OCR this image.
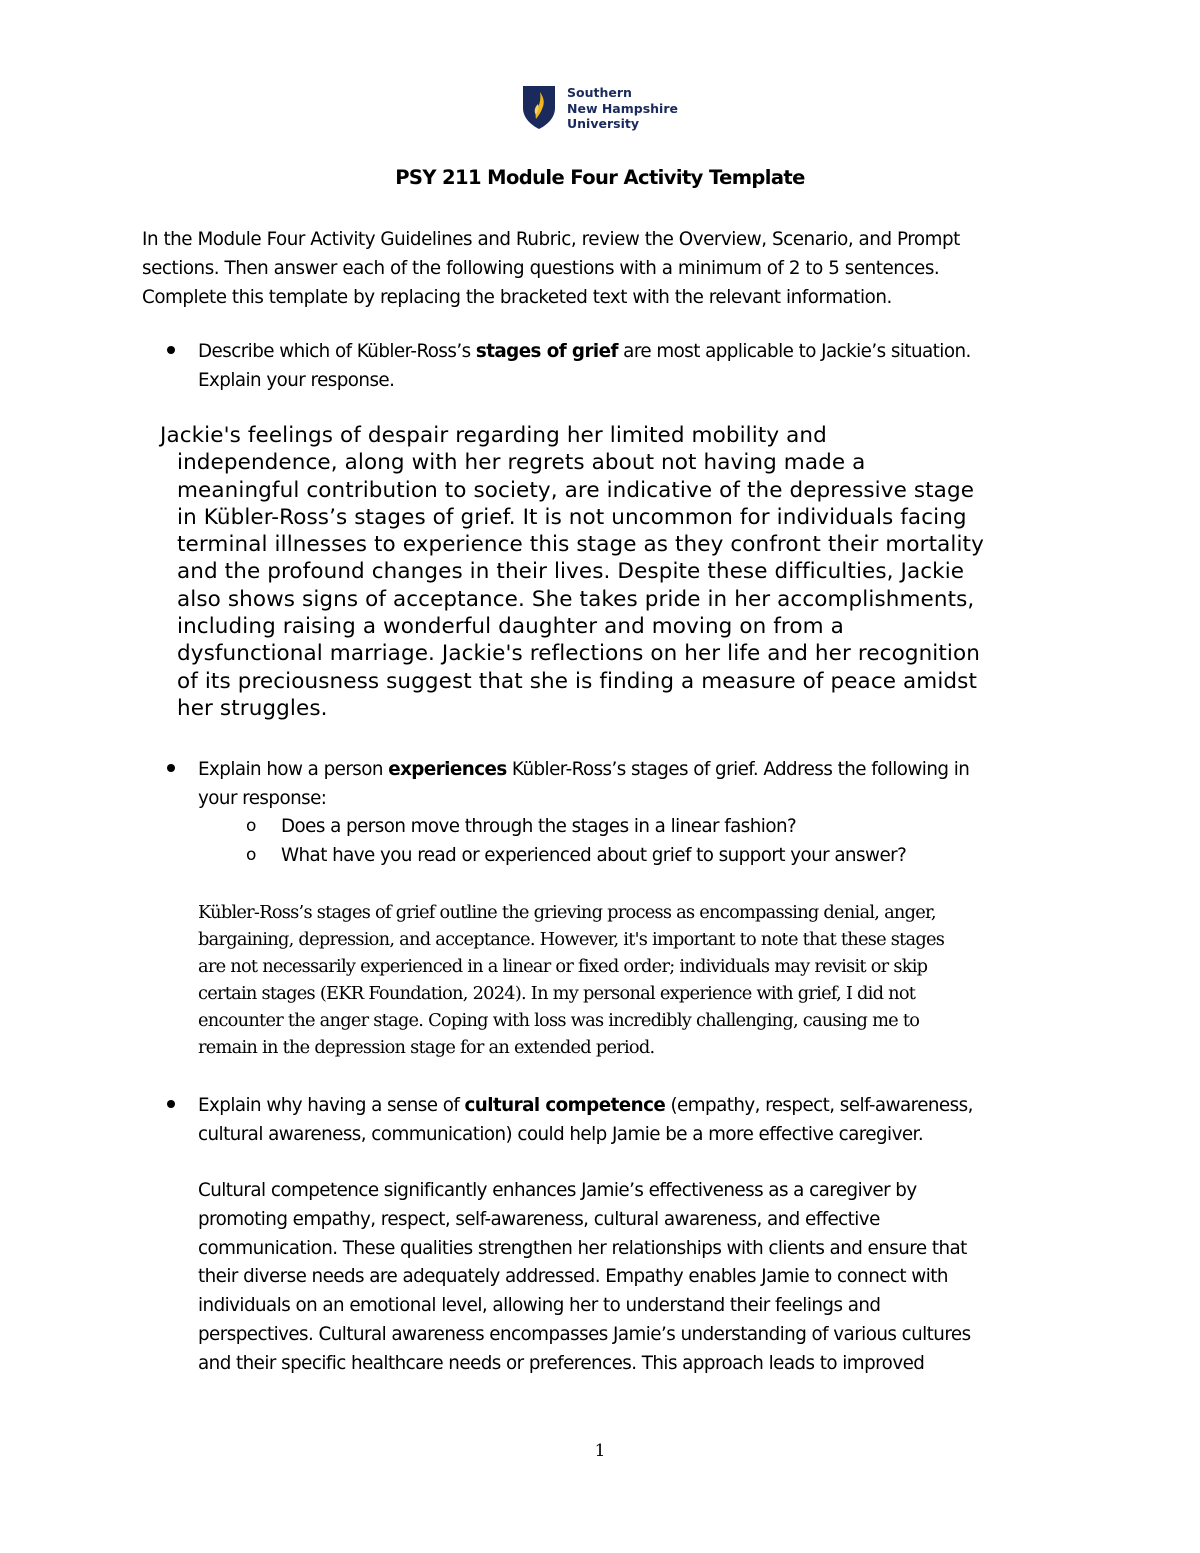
Southern
New Hampshire
University
PSY 211 Module Four Activity Template
In the Module Four Activity Guidelines and Rubric, review the Overview, Scenario, and Prompt
sections. Then answer each of the following questions with a minimum of 2 to 5 sentences.
Complete this template by replacing the bracketed text with the relevant information.
Describe which of Kübler-Ross’s stages of grief are most applicable to Jackie’s situation.
Explain your response.
Jackie's feelings of despair regarding her limited mobility and
independence, along with her regrets about not having made a
meaningful contribution to society, are indicative of the depressive stage
in Kübler-Ross’s stages of grief. It is not uncommon for individuals facing
terminal illnesses to experience this stage as they confront their mortality
and the profound changes in their lives. Despite these difficulties, Jackie
also shows signs of acceptance. She takes pride in her accomplishments,
including raising a wonderful daughter and moving on from a
dysfunctional marriage. Jackie's reflections on her life and her recognition
of its preciousness suggest that she is finding a measure of peace amidst
her struggles.
Explain how a person experiences Kübler-Ross’s stages of grief. Address the following in
your response:
o Does a person move through the stages in a linear fashion?
o What have you read or experienced about grief to support your answer?
Kübler-Ross’s stages of grief outline the grieving process as encompassing denial, anger,
bargaining, depression, and acceptance. However, it's important to note that these stages
are not necessarily experienced in a linear or fixed order; individuals may revisit or skip
certain stages (EKR Foundation, 2024). In my personal experience with grief, I did not
encounter the anger stage. Coping with loss was incredibly challenging, causing me to
remain in the depression stage for an extended period.
Explain why having a sense of cultural competence (empathy, respect, self-awareness,
cultural awareness, communication) could help Jamie be a more effective caregiver.
Cultural competence significantly enhances Jamie’s effectiveness as a caregiver by
promoting empathy, respect, self-awareness, cultural awareness, and effective
communication. These qualities strengthen her relationships with clients and ensure that
their diverse needs are adequately addressed. Empathy enables Jamie to connect with
individuals on an emotional level, allowing her to understand their feelings and
perspectives. Cultural awareness encompasses Jamie’s understanding of various cultures
and their specific healthcare needs or preferences. This approach leads to improved
1
